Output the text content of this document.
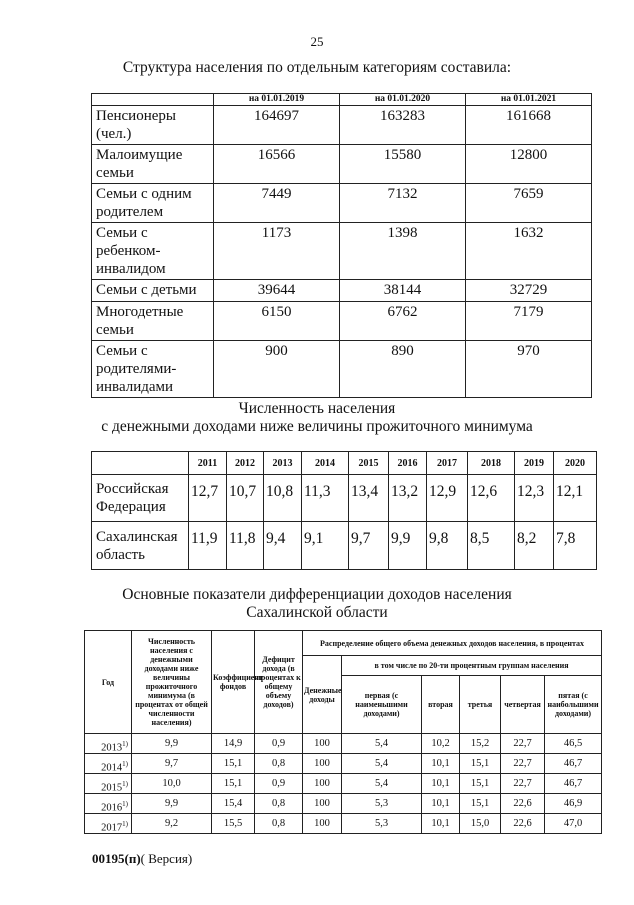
25
Структура населения по отдельным категориям составила:
	на 01.01.2019	на 01.01.2020	на 01.01.2021
Пенсионеры (чел.)	164697	163283	161668
Малоимущие семьи	16566	15580	12800
Семьи с одним родителем	7449	7132	7659
Семьи с ребенком-инвалидом	1173	1398	1632
Семьи с детьми	39644	38144	32729
Многодетные семьи	6150	6762	7179
Семьи с родителями-инвалидами	900	890	970
Численность населения
с денежными доходами ниже величины прожиточного минимума
	2011	2012	2013	2014	2015	2016	2017	2018	2019	2020
Российская Федерация	12,7	10,7	10,8	11,3	13,4	13,2	12,9	12,6	12,3	12,1
Сахалинская область	11,9	11,8	9,4	9,1	9,7	9,9	9,8	8,5	8,2	7,8
Основные показатели дифференциации доходов населения
Сахалинской области
Год	Численность населения с денежными доходами ниже величины прожиточного минимума (в процентах от общей численности населения)	Коэффициент фондов	Дефицит дохода (в процентах к общему объему доходов)	Распределение общего объема денежных доходов населения, в процентах					
				Денежные доходы	в том числе по 20-ти процентным группам населения				
					первая (с наименьшими доходами)	вторая	третья	четвертая	пятая (с наибольшими доходами)
2013$^{1)}$	9,9	14,9	0,9	100	5,4	10,2	15,2	22,7	46,5
2014$^{1)}$	9,7	15,1	0,8	100	5,4	10,1	15,1	22,7	46,7
2015$^{1)}$	10,0	15,1	0,9	100	5,4	10,1	15,1	22,7	46,7
2016$^{1)}$	9,9	15,4	0,8	100	5,3	10,1	15,1	22,6	46,9
2017$^{1)}$	9,2	15,5	0,8	100	5,3	10,1	15,0	22,6	47,0
00195(п)( Версия)
